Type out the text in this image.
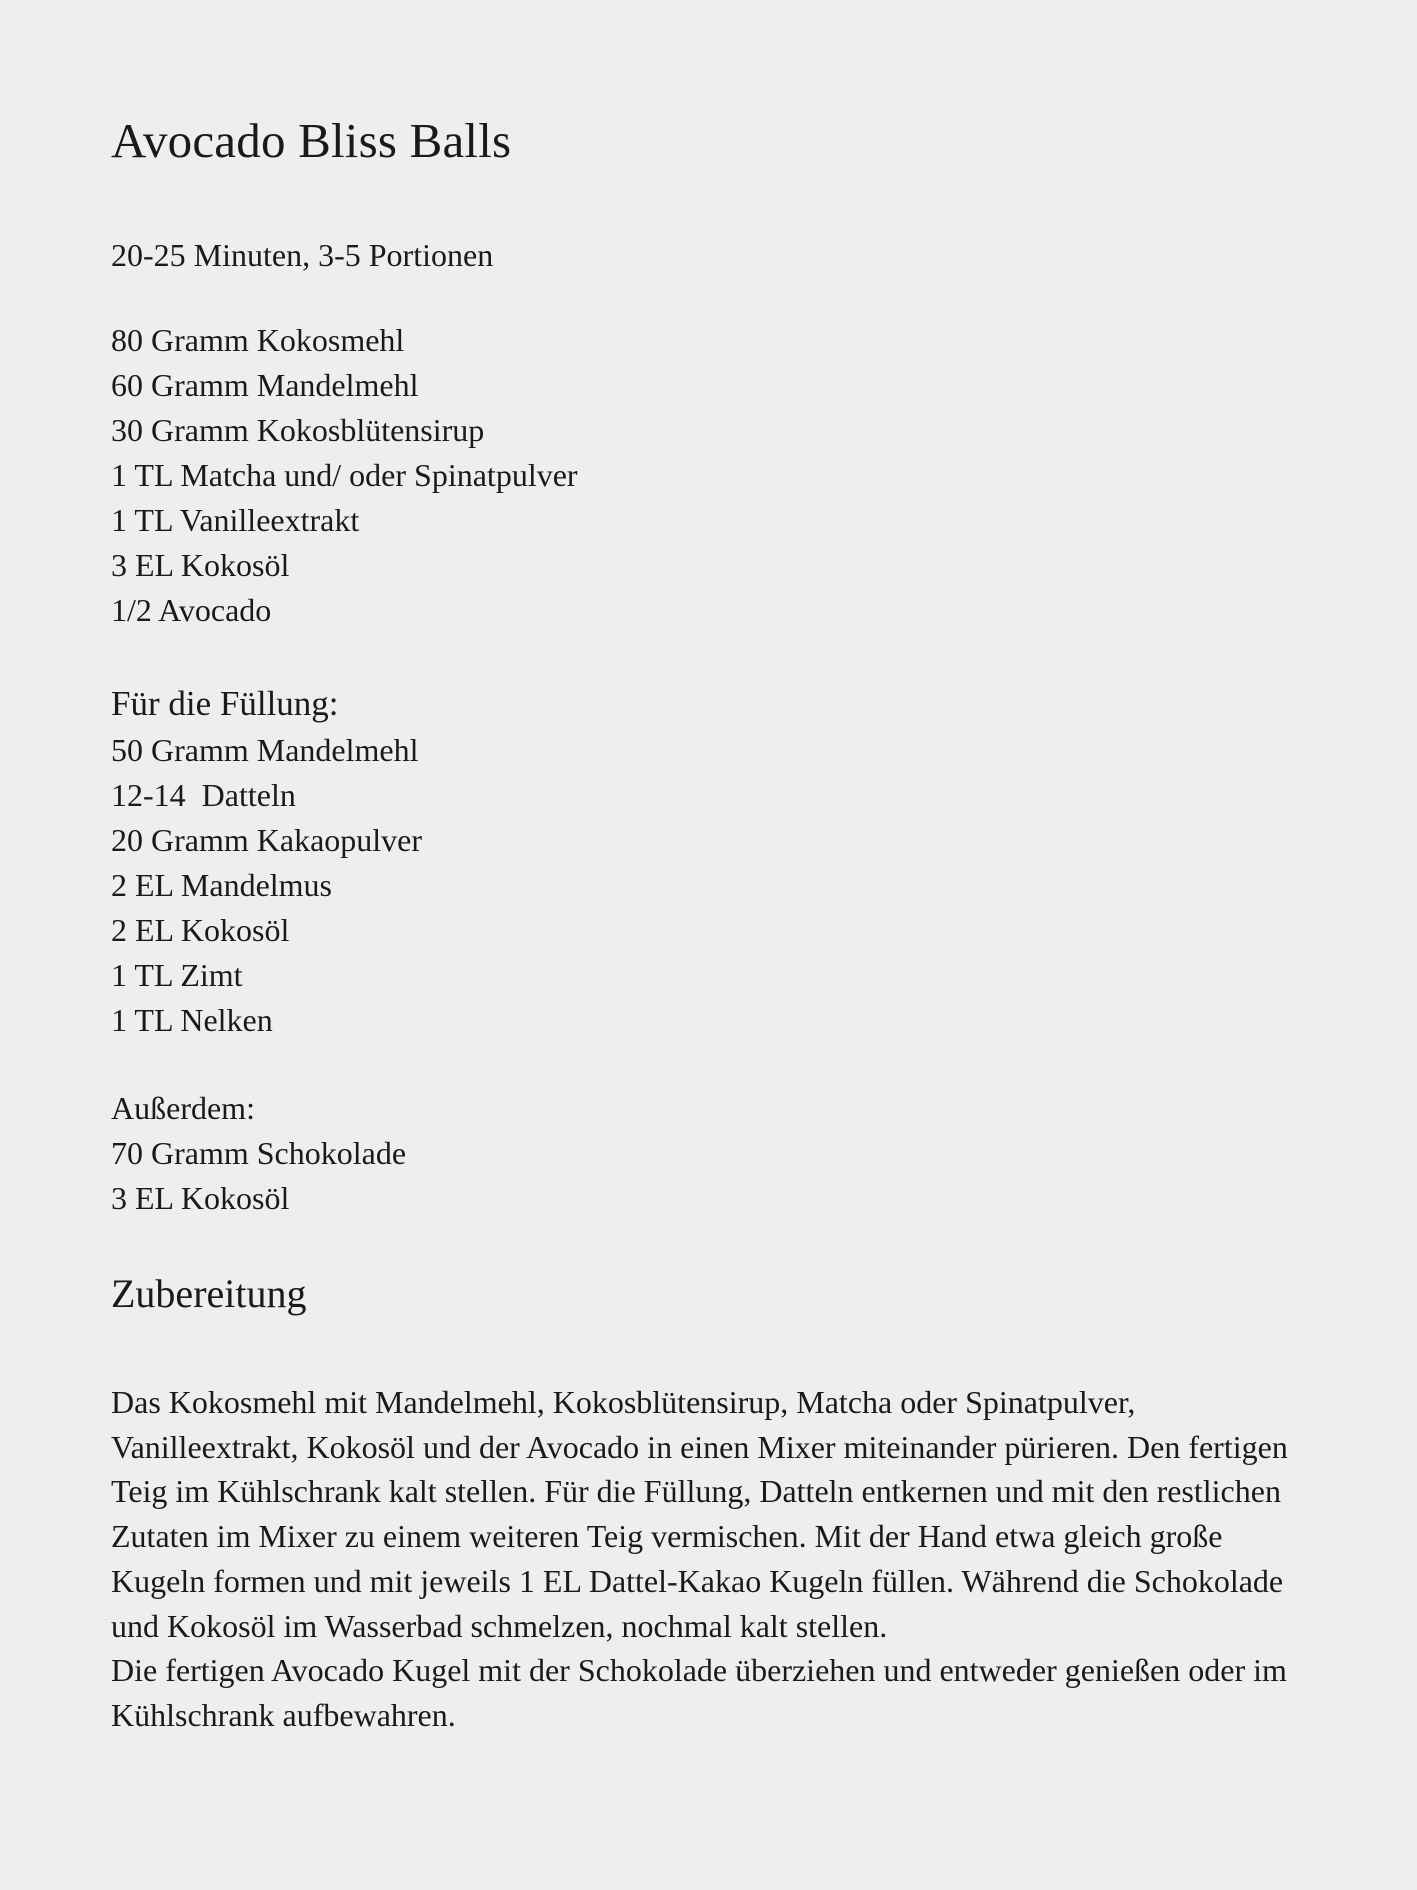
Avocado Bliss Balls

20-25 Minuten, 3-5 Portionen

80 Gramm Kokosmehl
60 Gramm Mandelmehl
30 Gramm Kokosblütensirup
1 TL Matcha und/ oder Spinatpulver
1 TL Vanilleextrakt
3 EL Kokosöl
1/2 Avocado
Für die Füllung:
50 Gramm Mandelmehl
12-14  Datteln
20 Gramm Kakaopulver
2 EL Mandelmus
2 EL Kokosöl
1 TL Zimt
1 TL Nelken
Außerdem:
70 Gramm Schokolade
3 EL Kokosöl
Zubereitung

Das Kokosmehl mit Mandelmehl, Kokosblütensirup, Matcha oder Spinatpulver, Vanilleextrakt, Kokosöl und der Avocado in einen Mixer miteinander pürieren. Den fertigen Teig im Kühlschrank kalt stellen. Für die Füllung, Datteln entkernen und mit den restlichen Zutaten im Mixer zu einem weiteren Teig vermischen. Mit der Hand etwa gleich große Kugeln formen und mit jeweils 1 EL Dattel-Kakao Kugeln füllen. Während die Schokolade und Kokosöl im Wasserbad schmelzen, nochmal kalt stellen.

Die fertigen Avocado Kugel mit der Schokolade überziehen und entweder genießen oder im Kühlschrank aufbewahren.
